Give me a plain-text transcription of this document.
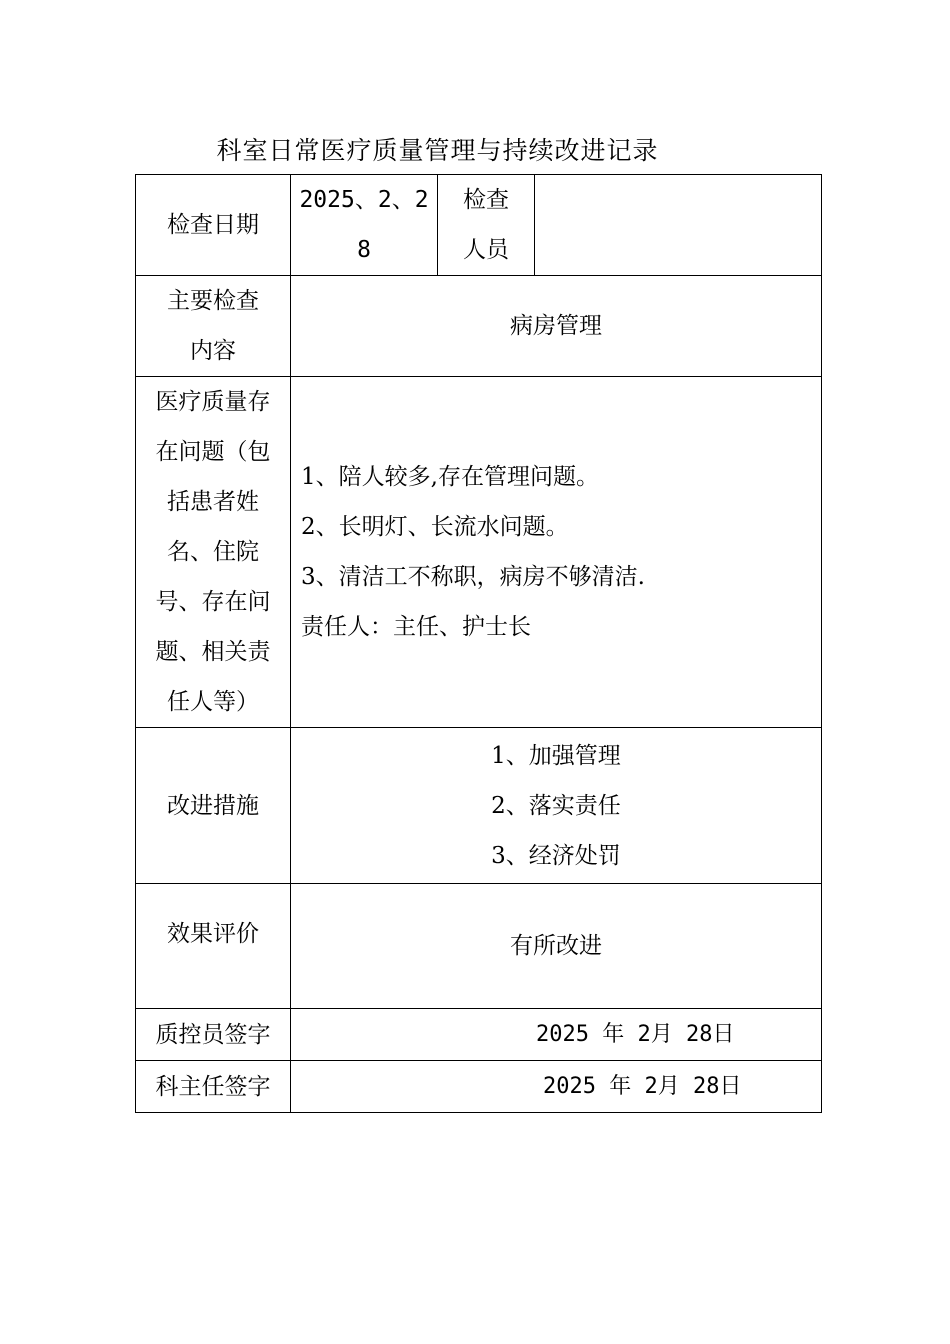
科室日常医疗质量管理与持续改进记录
检查日期	2025、2、28	检查人员	

主要检查内容	病房管理		

医疗质量存在问题（包括患者姓名、住院号、存在问题、相关责任人等）	1、陪人较多,存在管理问题。
2、长明灯、长流水问题。
3、清洁工不称职，病房不够清洁.
责任人：主任、护士长		

改进措施	1、加强管理
2、落实责任
3、经济处罚		

效果评价	有所改进		
质控员签字	2025 年 2月 28日		
科主任签字	2025 年 2月 28日		
